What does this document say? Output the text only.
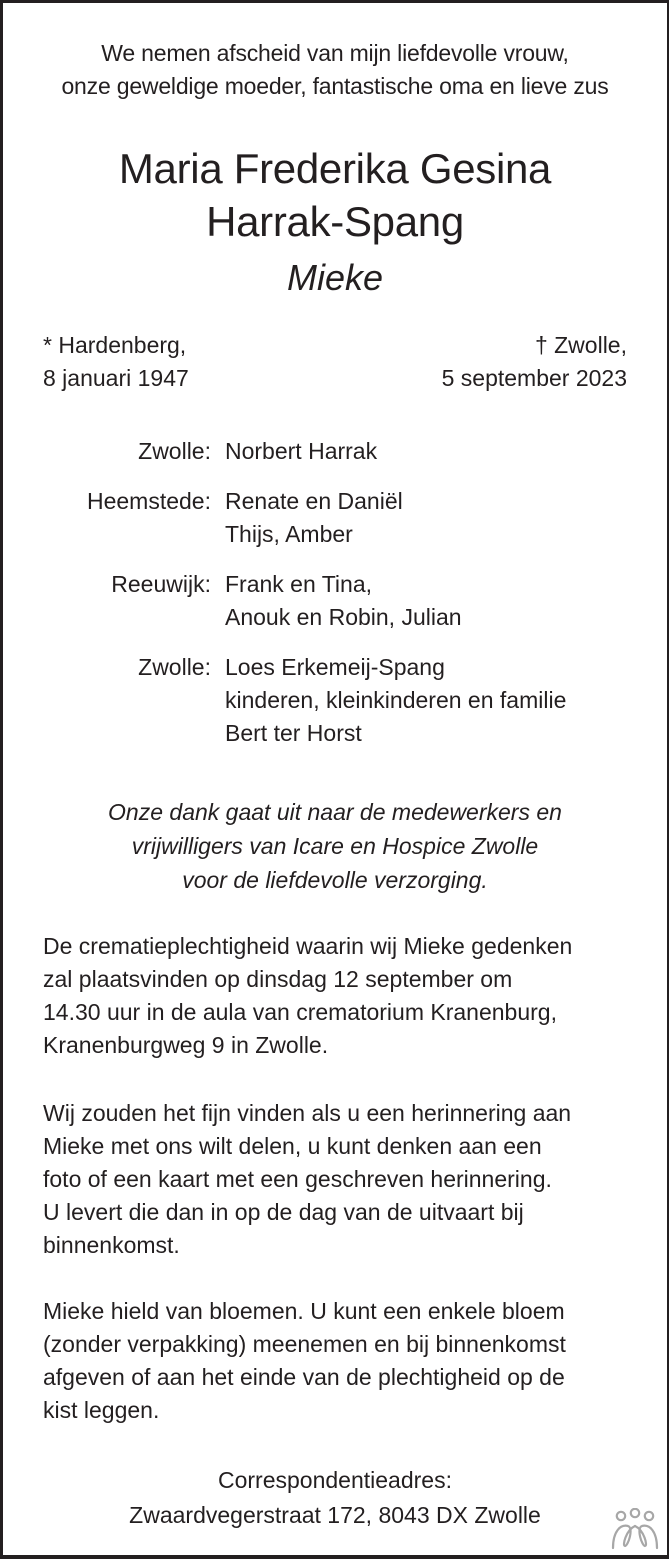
We nemen afscheid van mijn liefdevolle vrouw,
onze geweldige moeder, fantastische oma en lieve zus
Maria Frederika Gesina
Harrak-Spang
Mieke
* Hardenberg,
8 januari 1947
† Zwolle,
5 september 2023
Zwolle: Norbert Harrak
Heemstede: Renate en Daniël
Thijs, Amber
Reeuwijk: Frank en Tina,
Anouk en Robin, Julian
Zwolle: Loes Erkemeij-Spang
kinderen, kleinkinderen en familie
Bert ter Horst
Onze dank gaat uit naar de medewerkers en
vrijwilligers van Icare en Hospice Zwolle
voor de liefdevolle verzorging.
De crematieplechtigheid waarin wij Mieke gedenken
zal plaatsvinden op dinsdag 12 september om
14.30 uur in de aula van crematorium Kranenburg,
Kranenburgweg 9 in Zwolle.
Wij zouden het fijn vinden als u een herinnering aan
Mieke met ons wilt delen, u kunt denken aan een
foto of een kaart met een geschreven herinnering.
U levert die dan in op de dag van de uitvaart bij
binnenkomst.
Mieke hield van bloemen. U kunt een enkele bloem
(zonder verpakking) meenemen en bij binnenkomst
afgeven of aan het einde van de plechtigheid op de
kist leggen.
Correspondentieadres:
Zwaardvegerstraat 172, 8043 DX Zwolle
